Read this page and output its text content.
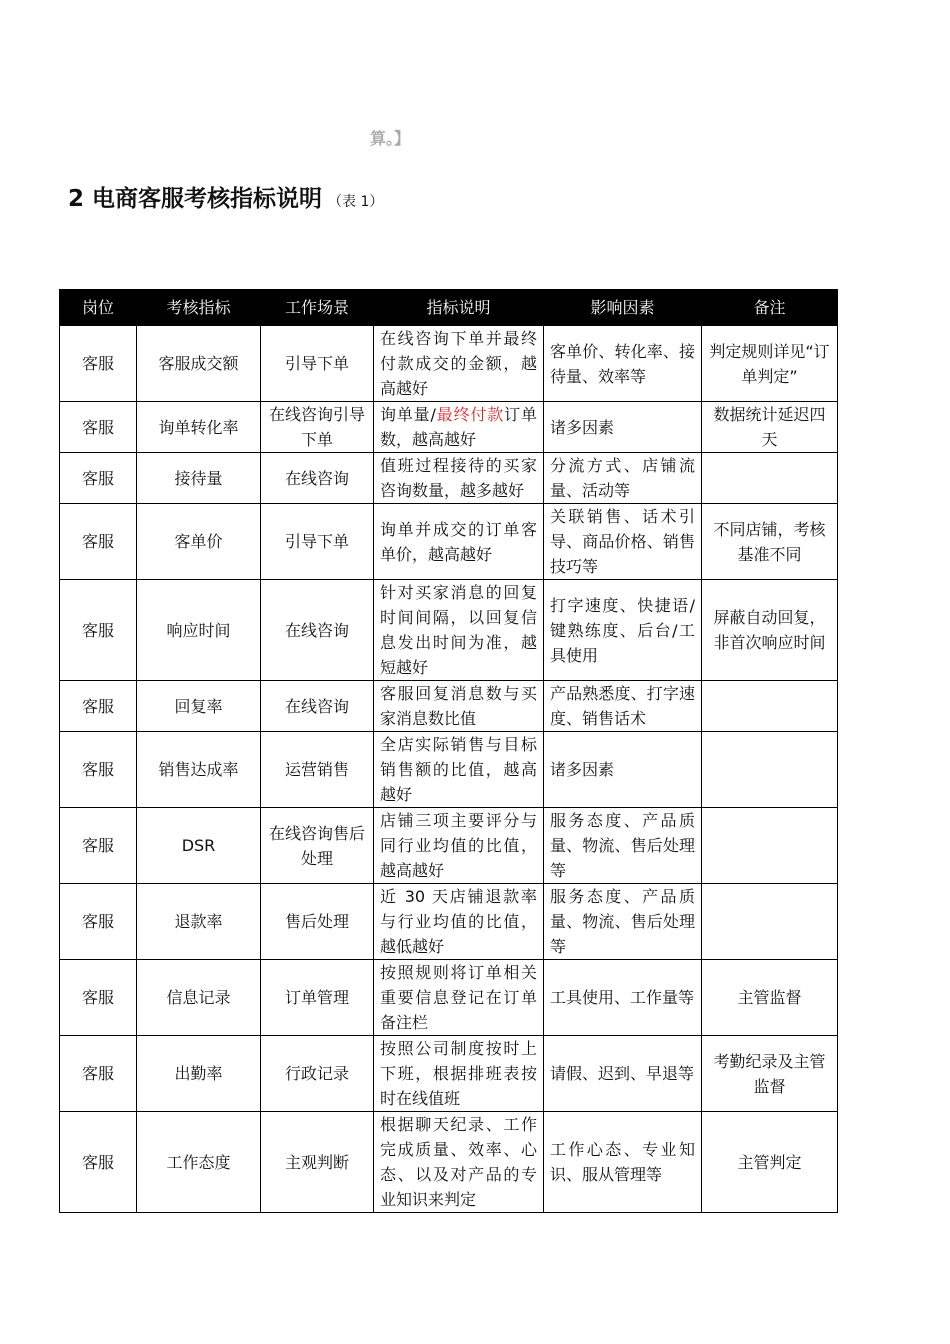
算。】
2 电商客服考核指标说明 （表 1）
岗位	考核指标	工作场景	指标说明	影响因素	备注
客服	客服成交额	引导下单	在线咨询下单并最终付款成交的金额，越高越好	客单价、转化率、接待量、效率等	判定规则详见“订单判定”
客服	询单转化率	在线咨询引导下单	询单量/最终付款订单数，越高越好	诸多因素	数据统计延迟四天
客服	接待量	在线咨询	值班过程接待的买家咨询数量，越多越好	分流方式、店铺流量、活动等	
客服	客单价	引导下单	询单并成交的订单客单价，越高越好	关联销售、话术引导、商品价格、销售技巧等	不同店铺，考核基准不同
客服	响应时间	在线咨询	针对买家消息的回复时间间隔，以回复信息发出时间为准，越短越好	打字速度、快捷语/键熟练度、后台/工具使用	屏蔽自动回复，非首次响应时间
客服	回复率	在线咨询	客服回复消息数与买家消息数比值	产品熟悉度、打字速度、销售话术	
客服	销售达成率	运营销售	全店实际销售与目标销售额的比值，越高越好	诸多因素	
客服	DSR	在线咨询售后处理	店铺三项主要评分与同行业均值的比值，越高越好	服务态度、产品质量、物流、售后处理等	
客服	退款率	售后处理	近 30 天店铺退款率与行业均值的比值，越低越好	服务态度、产品质量、物流、售后处理等	
客服	信息记录	订单管理	按照规则将订单相关重要信息登记在订单备注栏	工具使用、工作量等	主管监督
客服	出勤率	行政记录	按照公司制度按时上下班，根据排班表按时在线值班	请假、迟到、早退等	考勤纪录及主管监督
客服	工作态度	主观判断	根据聊天纪录、工作完成质量、效率、心态、以及对产品的专业知识来判定	工作心态、专业知识、服从管理等	主管判定
